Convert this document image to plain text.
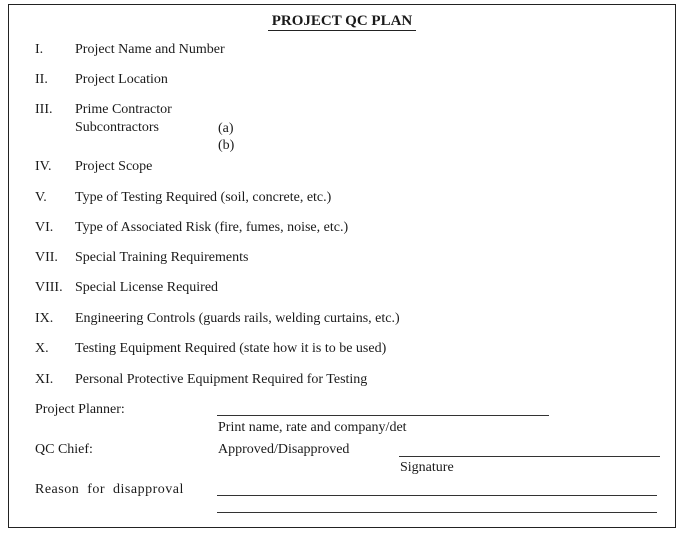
PROJECT QC PLAN
I. Project Name and Number
II. Project Location
III. Prime Contractor
Subcontractors	(a)
(b)
IV. Project Scope
V. Type of Testing Required (soil, concrete, etc.)
VI. Type of Associated Risk (fire, fumes, noise, etc.)
VII. Special Training Requirements
VIII. Special License Required
IX. Engineering Controls (guards rails, welding curtains, etc.)
X. Testing Equipment Required (state how it is to be used)
XI. Personal Protective Equipment Required for Testing
Project Planner:
Print name, rate and company/det
QC Chief:	Approved/Disapproved
Signature
Reason  for  disapproval
